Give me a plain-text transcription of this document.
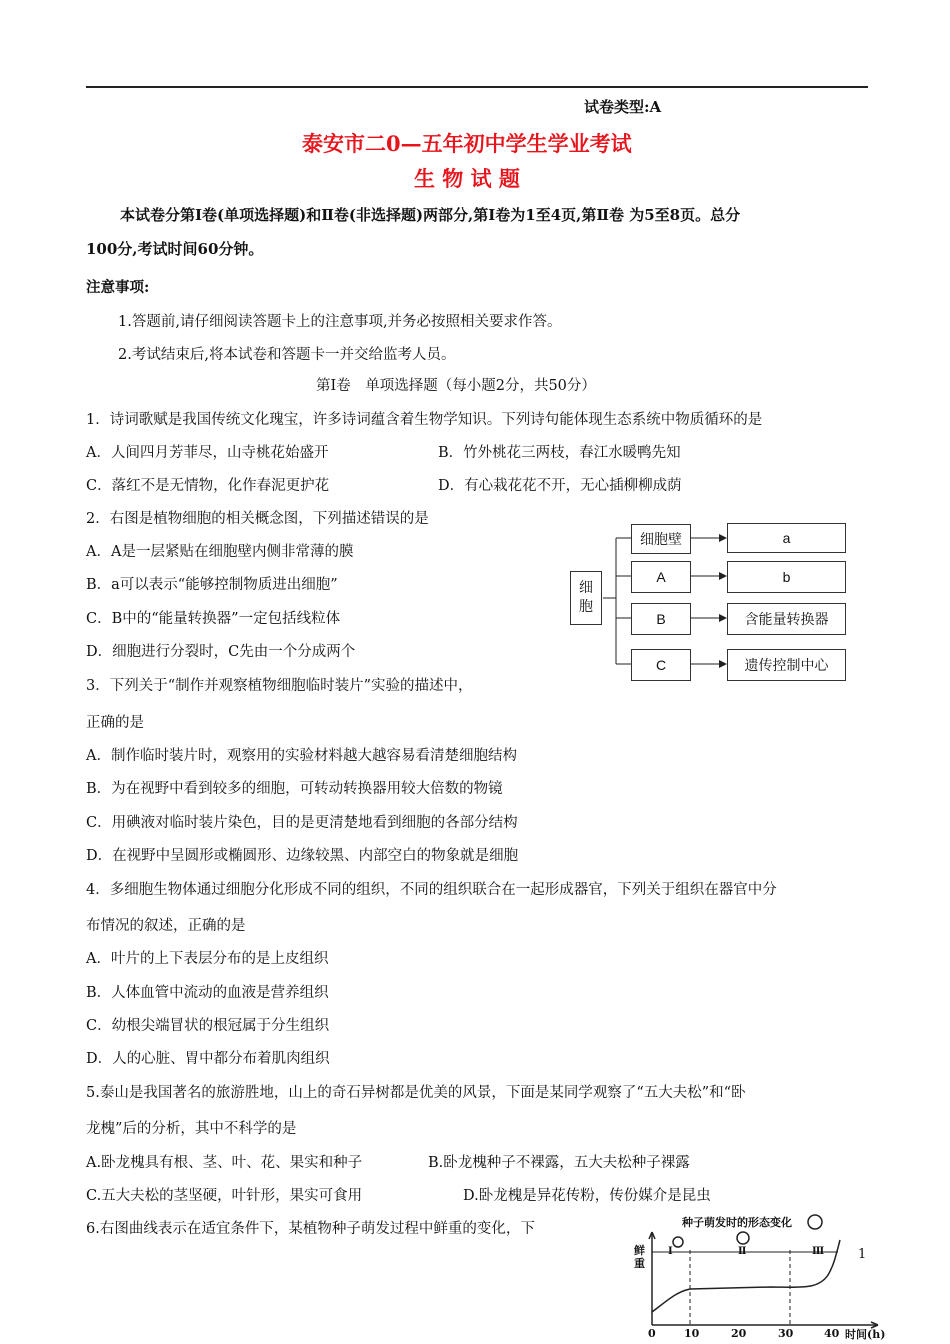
试卷类型:A
泰安市二0—五年初中学生学业考试
生 物 试 题
本试卷分第Ⅰ卷(单项选择题)和Ⅱ卷(非选择题)两部分,第Ⅰ卷为1至4页,第Ⅱ卷 为5至8页。总分
100分,考试时间60分钟。
注意事项:
1.答题前,请仔细阅读答题卡上的注意事项,并务必按照相关要求作答。
2.考试结束后,将本试卷和答题卡一并交给监考人员。
第Ⅰ卷　单项选择题（每小题2分，共50分）
1．诗词歌赋是我国传统文化瑰宝，许多诗词蕴含着生物学知识。下列诗句能体现生态系统中物质循环的是
A．人间四月芳菲尽，山寺桃花始盛开	B．竹外桃花三两枝，春江水暖鸭先知
C．落红不是无情物，化作春泥更护花	D．有心栽花花不开，无心插柳柳成荫
2．右图是植物细胞的相关概念图，下列描述错误的是
A．A是一层紧贴在细胞壁内侧非常薄的膜
B．a可以表示“能够控制物质进出细胞”
C．B中的“能量转换器”一定包括线粒体
D．细胞进行分裂时，C先由一个分成两个
细胞
细胞壁
A
B
C
a
b
含能量转换器
遗传控制中心
3．下列关于“制作并观察植物细胞临时装片”实验的描述中，
正确的是
A．制作临时装片时，观察用的实验材料越大越容易看清楚细胞结构
B．为在视野中看到较多的细胞，可转动转换器用较大倍数的物镜
C．用碘液对临时装片染色，目的是更清楚地看到细胞的各部分结构
D．在视野中呈圆形或椭圆形、边缘较黑、内部空白的物象就是细胞
4．多细胞生物体通过细胞分化形成不同的组织，不同的组织联合在一起形成器官，下列关于组织在器官中分
布情况的叙述，正确的是
A．叶片的上下表层分布的是上皮组织
B．人体血管中流动的血液是营养组织
C．幼根尖端冒状的根冠属于分生组织
D．人的心脏、胃中都分布着肌肉组织
5.泰山是我国著名的旅游胜地，山上的奇石异树都是优美的风景，下面是某同学观察了“五大夫松”和“卧
龙槐”后的分析，其中不科学的是
A.卧龙槐具有根、茎、叶、花、果实和种子	B.卧龙槐种子不裸露，五大夫松种子裸露
C.五大夫松的茎坚硬，叶针形，果实可食用	D.卧龙槐是异花传粉，传份媒介是昆虫
6.右图曲线表示在适宜条件下，某植物种子萌发过程中鲜重的变化，下	种子萌发时的形态变化
鲜重
时间(h)
0	10	20	30	40
Ⅰ	Ⅱ	Ⅲ	1
